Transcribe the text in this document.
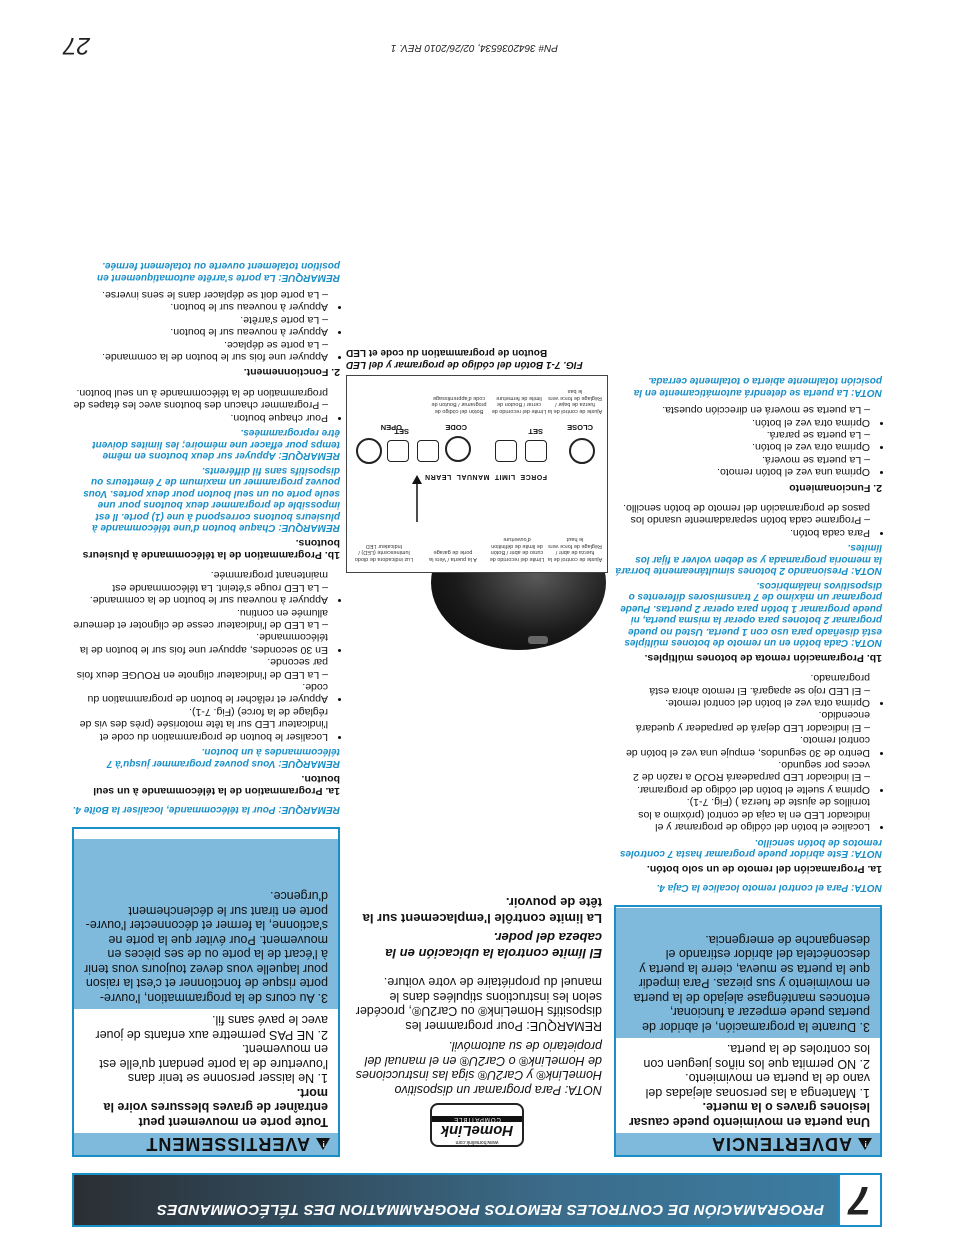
7
PROGRAMACIÓN DE CONTROLES REMOTOS PROGRAMMATION DES TÉLÉCOMMANDES
!
ADVERTENCIA

Una puerta en movimiento puede causar lesiones graves o la muerte.

1. Mantenga a las personas alejadas del vano de la puerta en movimiento.

2. NO permita que los niños jueguen con los controles de la puerta.

3. Durante la programación, el abridor de puertas puede empezar a funcionar, entonces manténgase alejado de la puerta en movimiento y sus piezas. Para impedir que la puerta se mueva, cierre la puerta y desconéctela del abridor estirando el desenganche de emergencia.

www.homelink.com
HomeLink
COMPATIBLE

NOTA: Para programar un dispositivo HomeLink® y Car2U® siga las instrucciones de HomeLink® o Car2U® en el manual del propietario de su automóvil.

REMARQUE: Pour programmer les dispositifs HomeLink® ou Car2U®, procéder selon les instructions stipulées dans le manuel du propriétaire de votre voiture.

El límite controla la ubicación en la cabeza del poder.

La limite contrôle l'emplacement sur la tête de pouvoir.

!
AVERTISSEMENT

Toute porte en mouvement peut entraîner de graves blessures voire la mort.

1. Ne laisser personne se tenir dans l'ouverture de la porte pendant qu'elle est en mouvement.

2. NE PAS permettre aux enfants de jouer avec le pavé sans fil.

3. Au cours de la programmation, l'ouvre-porte risque de fonctionner et c'est la raison pour laquelle vous devez toujours vous tenir à l'écart de la porte ou de ses pièces en mouvement. Pour éviter que la porte ne s'actionne, la fermer et déconnecter l'ouvre-porte en tirant sur le déclenchement d'urgence.

NOTA: Para el control remoto localice la Caja 4.

1a. Programación del remoto de un solo botón.

NOTA: Este abridor puede programar hasta 7 controles remotos de botón sencillo.

• Localice el botón del código de programar y el indicador LED en la caja de control (próximo a los tornillos de ajuste de fuerza ) (Fig. 7-1).
• Oprima y suelte el botón del código de programar.
– El indicador LED parpadeará ROJO a razón de 2 veces por segundo.
• Dentro de 30 segundos, empuje una vez el botón de control remoto.
– El indicador LED dejará de parpadear y quedará encendido.
• Oprima otra vez el botón del control remote.
– El LED rojo se apagará. El remoto ahora está programado.

1b. Programación remota de botones múltiples.

NOTA: Cada botón en un remoto de botones múltiples está diseñado para uso con 1 puerta. Usted no puede programar 2 botones para operar la misma puerta, ni puede programar 1 botón para operar 2 puertas. Puede programar un máximo de 7 transmisores diferentes o dispositivos inalámbricos.

NOTA: Presionando 2 botones simultáneamente borrará la memoria programada y se deben volver a fijar los límites.

• Para cada botón.
– Programe cada botón separadamente usando los pasos de programación del remoto de botón sencillo.

2. Funcionamiento

• Oprima una vez el botón remoto.
– La puerta se moverá.
• Oprima otra vez el botón.
– La puerta se parará.
• Oprima otra vez el botón.
– La puerta se moverá en dirección opuesta.

NOTA: La puerta se detendrá automáticamente en la posición totalmente abierta o totalmente cerrada.

CLOSE
OPEN	SET
SET	CODE
FORCE  LIMIT  MANUAL  LEARN
Ajuste de control de la fuerza de bajar / Réglage de force vers le bas
Límite del recorrido de cerrar / Bouton de limite de fermeture
Botón del código de programar / Bouton de code d'apprentissage
Ajuste de control de la fuerza de abrir / Réglage de force vers le haut
Límite del recorrido de curso de abrir / Botón de limite de définition d'ouverture
A la puerta / Vers la porte de garage
Luz indicadora de diodo luminescente (LED) / Indicateur LED

FIG. 7-1 Botón del código de programar y del LED

Bouton de programmation du code et LED

REMARQUE: Pour la télécommande, localiser la Boîte 4.

1a. Programmation de la télécommande à un seul bouton.

REMARQUE: Vous pouvez programmer jusqu'à 7 télécommandes à un bouton.

• Localiser le bouton de programmation du code et l'indicateur LED sur la tête motorisée (près des vis de réglage de la force) (Fig. 7-1).
• Appuyer et relâcher le bouton de programmation du code.
– La LED de l'indicateur clignote en ROUGE deux fois par seconde.
• En 30 secondes, appuyer une fois sur le bouton de la télécommande.
– La LED de l'indicateur cesse de clignoter et demeure allumée en continu.
• Appuyer à nouveau sur le bouton de la commande.
– La LED rouge s'éteint. La télécommande est maintenant programmée.

1b. Programmation de la télécommande à plusieurs boutons.

REMARQUE: Chaque bouton d'une télécommande à plusieurs boutons correspond à une (1) porte. Il est impossible de programmer deux boutons pour une seule porte ou un seul bouton pour deux portes. Vous pouvez programmer un maximum de 7 émetteurs ou dispositifs sans fil différents.

REMARQUE: Appuyer sur deux boutons en même temps pour effacer une mémoire; les limites doivent être reprogrammées.

• Pour chaque bouton.
– Programmer chacun des boutons avec les étapes de programmation de la télécommande à un seul bouton.

2. Fonctionnement.

• Appuyer une fois sur le bouton de la commande.
– La porte se déplace.
• Appuyer à nouveau sur le bouton.
– La porte s'arrête.
• Appuyer à nouveau sur le bouton.
– La porte doit se déplacer dans le sens inverse.

REMARQUE: La porte s'arrête automatiquement en position totalement ouverte ou totalement fermée.

PN# 364203653​4, 02/26/2010 REV. 1
27
